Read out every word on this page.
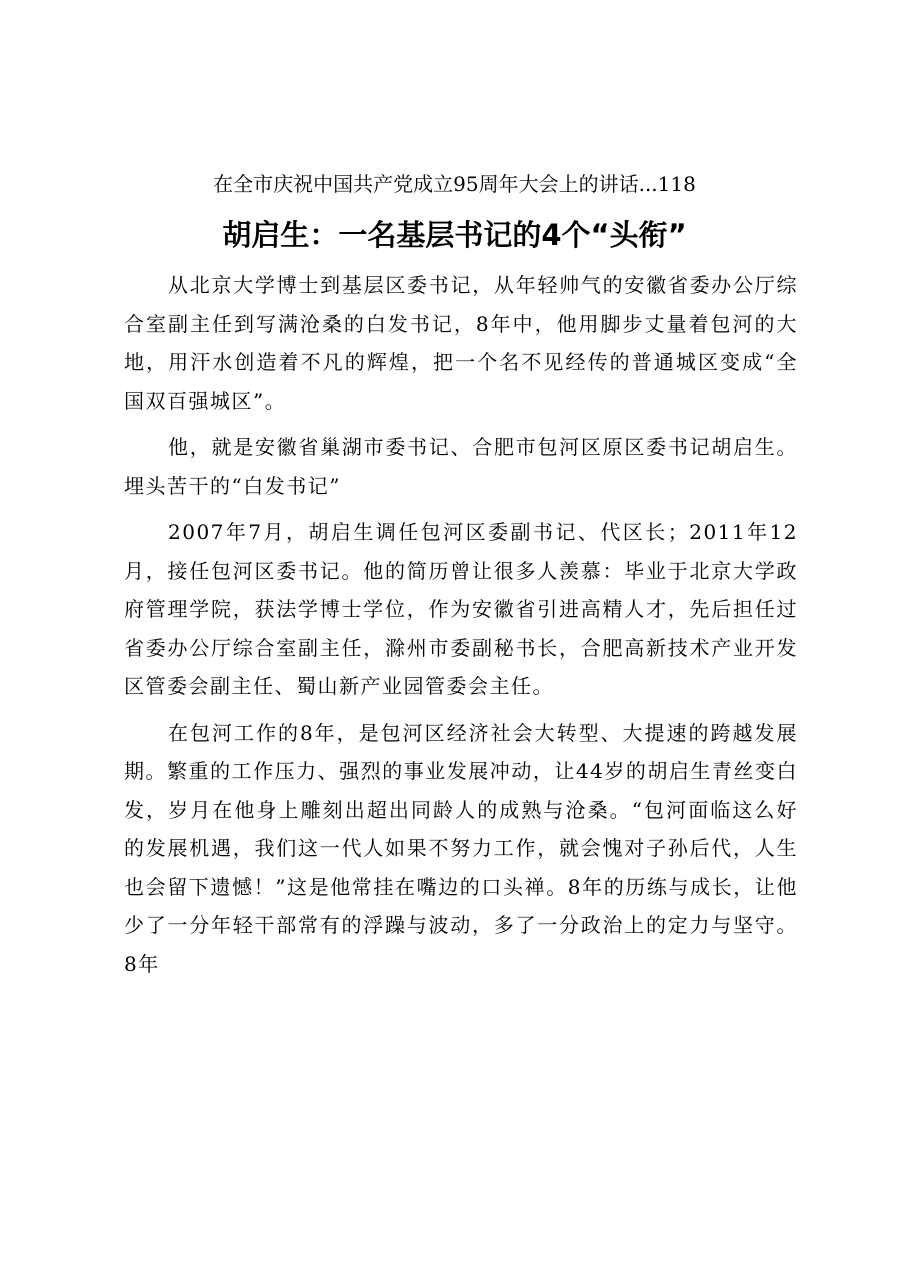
在全市庆祝中国共产党成立95周年大会上的讲话...118
胡启生：一名基层书记的4个“头衔”

从北京大学博士到基层区委书记，从年轻帅气的安徽省委办公厅综合室副主任到写满沧桑的白发书记，8年中，他用脚步丈量着包河的大地，用汗水创造着不凡的辉煌，把一个名不见经传的普通城区变成“全国双百强城区”。

他，就是安徽省巢湖市委书记、合肥市包河区原区委书记胡启生。埋头苦干的“白发书记”

2007年7月，胡启生调任包河区委副书记、代区长；2011年12月，接任包河区委书记。他的简历曾让很多人羡慕：毕业于北京大学政府管理学院，获法学博士学位，作为安徽省引进高精人才，先后担任过省委办公厅综合室副主任，滁州市委副秘书长，合肥高新技术产业开发区管委会副主任、蜀山新产业园管委会主任。

在包河工作的8年，是包河区经济社会大转型、大提速的跨越发展期。繁重的工作压力、强烈的事业发展冲动，让44岁的胡启生青丝变白发，岁月在他身上雕刻出超出同龄人的成熟与沧桑。“包河面临这么好的发展机遇，我们这一代人如果不努力工作，就会愧对子孙后代，人生也会留下遗憾！”这是他常挂在嘴边的口头禅。8年的历练与成长，让他少了一分年轻干部常有的浮躁与波动，多了一分政治上的定力与坚守。8年
